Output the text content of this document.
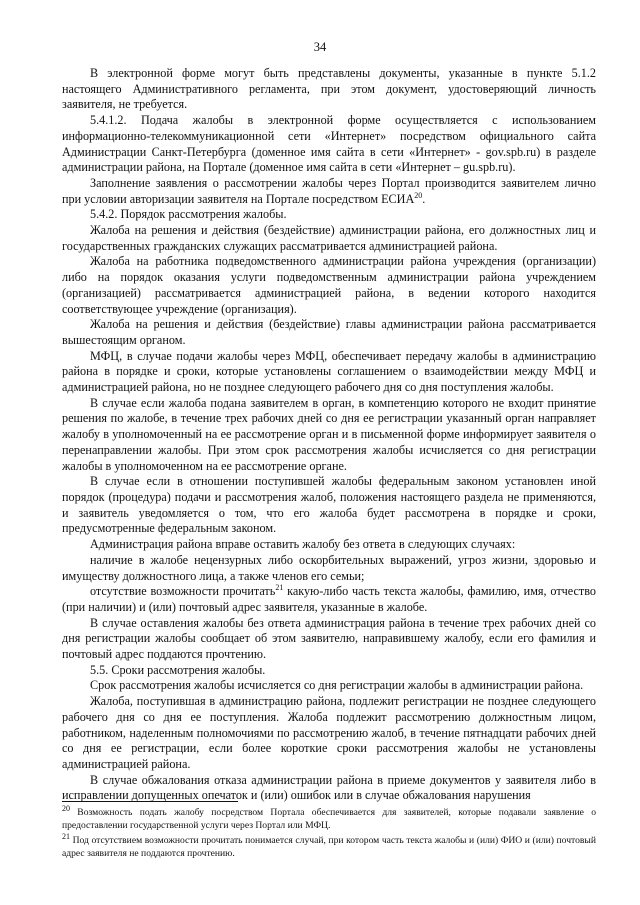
34

В электронной форме могут быть представлены документы, указанные в пункте 5.1.2 настоящего Административного регламента, при этом документ, удостоверяющий личность заявителя, не требуется.

5.4.1.2. Подача жалобы в электронной форме осуществляется с использованием информационно-телекоммуникационной сети «Интернет» посредством официального сайта Администрации Санкт-Петербурга (доменное имя сайта в сети «Интернет» - gov.spb.ru) в разделе администрации района, на Портале (доменное имя сайта в сети «Интернет – gu.spb.ru).

Заполнение заявления о рассмотрении жалобы через Портал производится заявителем лично при условии авторизации заявителя на Портале посредством ЕСИА$^{20}$.

5.4.2. Порядок рассмотрения жалобы.

Жалоба на решения и действия (бездействие) администрации района, его должностных лиц и государственных гражданских служащих рассматривается администрацией района.

Жалоба на работника подведомственного администрации района учреждения (организации) либо на порядок оказания услуги подведомственным администрации района учреждением (организацией) рассматривается администрацией района, в ведении которого находится соответствующее учреждение (организация).

Жалоба на решения и действия (бездействие) главы администрации района рассматривается вышестоящим органом.

МФЦ, в случае подачи жалобы через МФЦ, обеспечивает передачу жалобы в администрацию района в порядке и сроки, которые установлены соглашением о взаимодействии между МФЦ и администрацией района, но не позднее следующего рабочего дня со дня поступления жалобы.

В случае если жалоба подана заявителем в орган, в компетенцию которого не входит принятие решения по жалобе, в течение трех рабочих дней со дня ее регистрации указанный орган направляет жалобу в уполномоченный на ее рассмотрение орган и в письменной форме информирует заявителя о перенаправлении жалобы. При этом срок рассмотрения жалобы исчисляется со дня регистрации жалобы в уполномоченном на ее рассмотрение органе.

В случае если в отношении поступившей жалобы федеральным законом установлен иной порядок (процедура) подачи и рассмотрения жалоб, положения настоящего раздела не применяются, и заявитель уведомляется о том, что его жалоба будет рассмотрена в порядке и сроки, предусмотренные федеральным законом.

Администрация района вправе оставить жалобу без ответа в следующих случаях:

наличие в жалобе нецензурных либо оскорбительных выражений, угроз жизни, здоровью и имуществу должностного лица, а также членов его семьи;

отсутствие возможности прочитать$^{21}$ какую-либо часть текста жалобы, фамилию, имя, отчество (при наличии) и (или) почтовый адрес заявителя, указанные в жалобе.

В случае оставления жалобы без ответа администрация района в течение трех рабочих дней со дня регистрации жалобы сообщает об этом заявителю, направившему жалобу, если его фамилия и почтовый адрес поддаются прочтению.

5.5. Сроки рассмотрения жалобы.

Срок рассмотрения жалобы исчисляется со дня регистрации жалобы в администрации района.

Жалоба, поступившая в администрацию района, подлежит регистрации не позднее следующего рабочего дня со дня ее поступления. Жалоба подлежит рассмотрению должностным лицом, работником, наделенным полномочиями по рассмотрению жалоб, в течение пятнадцати рабочих дней со дня ее регистрации, если более короткие сроки рассмотрения жалобы не установлены администрацией района.

В случае обжалования отказа администрации района в приеме документов у заявителя либо в исправлении допущенных опечаток и (или) ошибок или в случае обжалования нарушения

$^{20}$ Возможность подать жалобу посредством Портала обеспечивается для заявителей, которые подавали заявление о предоставлении государственной услуги через Портал или МФЦ.

$^{21}$ Под отсутствием возможности прочитать понимается случай, при котором часть текста жалобы и (или) ФИО и (или) почтовый адрес заявителя не поддаются прочтению.
